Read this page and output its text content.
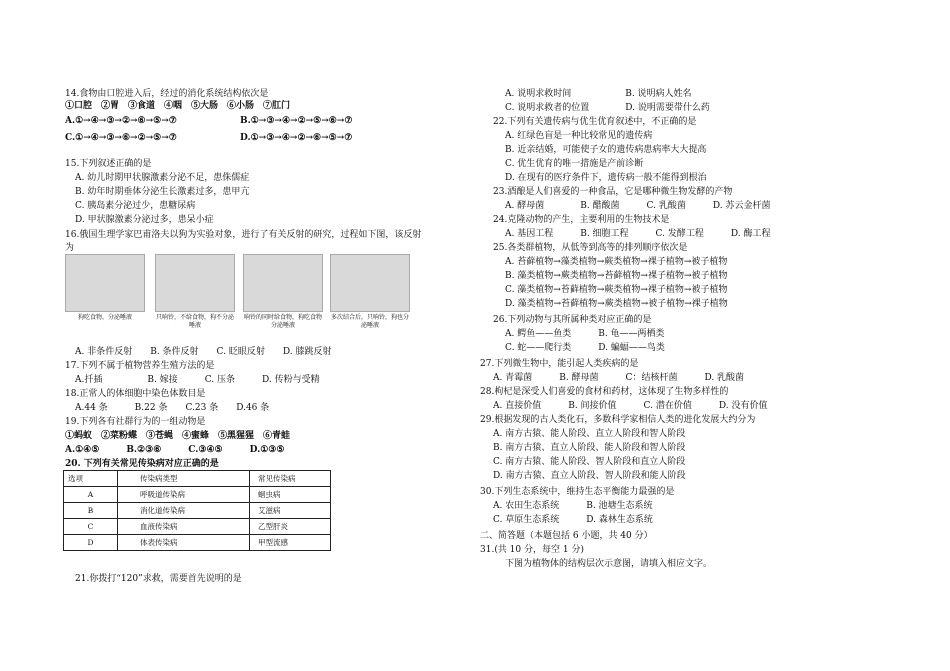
14.食物由口腔进入后，经过的消化系统结构依次是
①口腔　②胃　③食道　④咽　⑤大肠　⑥小肠　⑦肛门
A.①→④→③→②→⑥→⑤→⑦	B.①→③→④→②→⑤→⑥→⑦
C.①→④→③→⑥→②→⑤→⑦	D.①→③→④→②→⑥→⑤→⑦
15.下列叙述正确的是
A. 幼儿时期甲状腺激素分泌不足，患侏儒症
B. 幼年时期垂体分泌生长激素过多，患甲亢
C. 胰岛素分泌过少，患糖尿病
D. 甲状腺激素分泌过多，患呆小症
16.俄国生理学家巴甫洛夫以狗为实验对象，进行了有关反射的研究，过程如下图，该反射
为
狗吃食物，分泌唾液	只响铃，不给食物，狗不分泌唾液
响铃的同时给食物，狗吃食物分泌唾液
多次结合后，只响铃，狗也分泌唾液
A. 非条件反射　　B. 条件反射　　C. 眨眼反射　　D. 膝跳反射
17.下列不属于植物营养生殖方法的是
A.扦插　　　　　B. 嫁接　　　C. 压条　　　D. 传粉与受精
18.正常人的体细胞中染色体数目是
A.44 条　　　B.22 条　　C.23 条　　D.46 条
19.下列各有社群行为的一组动物是
①蚂蚁　②菜粉蝶　③苍蝇　④蜜蜂　⑤黑猩猩　⑥青蛙
A.①④⑤　　　B.②③⑥　　　C.③④⑤　　　D.①③⑤
20. 下列有关常见传染病对应正确的是
选项	传染病类型	常见传染病
A	呼吸道传染病	蛔虫病
B	消化道传染病	艾滋病
C	血液传染病	乙型肝炎
D	体表传染病	甲型流感
21.你拨打“120”求救，需要首先说明的是
A. 说明求救时间　　　　　　B. 说明病人姓名
C. 说明求救者的位置　　　　D. 说明需要带什么药
22.下列有关遗传病与优生优育叙述中，不正确的是
A. 红绿色盲是一种比较常见的遗传病
B. 近亲结婚，可能使子女的遗传病患病率大大提高
C. 优生优育的唯一措施是产前诊断
D. 在现有的医疗条件下，遗传病一般不能得到根治
23.酒酿是人们喜爱的一种食品，它是哪种微生物发酵的产物
A. 酵母菌　　　　B. 醋酸菌　　　C. 乳酸菌　　　D. 苏云金杆菌
24.克隆动物的产生，主要利用的生物技术是
A. 基因工程　　　B. 细胞工程　　　C. 发酵工程　　　D. 酶工程
25.各类群植物，从低等到高等的排列顺序依次是
A. 苔藓植物→藻类植物→蕨类植物→裸子植物→被子植物
B. 藻类植物→蕨类植物→苔藓植物→裸子植物→被子植物
C. 藻类植物→苔藓植物→蕨类植物→裸子植物→被子植物
D. 藻类植物→苔藓植物→蕨类植物→被子植物→裸子植物
26.下列动物与其所属种类对应正确的是
A. 鳄鱼——鱼类　　　B. 龟——两栖类
C. 蛇——爬行类　　　D. 蝙蝠——鸟类
27.下列微生物中，能引起人类疾病的是
A. 青霉菌　　　B. 酵母菌　　　C：结核杆菌　　　D. 乳酸菌
28.枸杞是深受人们喜爱的食材和药材，这体现了生物多样性的
A. 直接价值　　　B. 间接价值　　　C. 潜在价值　　　D. 没有价值
29.根据发现的古人类化石，多数科学家相信人类的进化发展大约分为
A. 南方古猿、能人阶段、直立人阶段和智人阶段
B. 南方古猿、直立人阶段、能人阶段和智人阶段
C. 南方古猿、能人阶段、智人阶段和直立人阶段
D. 南方古猿、直立人阶段、智人阶段和能人阶段
30.下列生态系统中，维持生态平衡能力最强的是
A. 农田生态系统　　　B. 池塘生态系统
C. 草原生态系统　　　D. 森林生态系统
二、简答题（本题包括 6 小题，共 40 分）
31.(共 10 分，每空 1 分)
下图为植物体的结构层次示意图，请填入相应文字。
